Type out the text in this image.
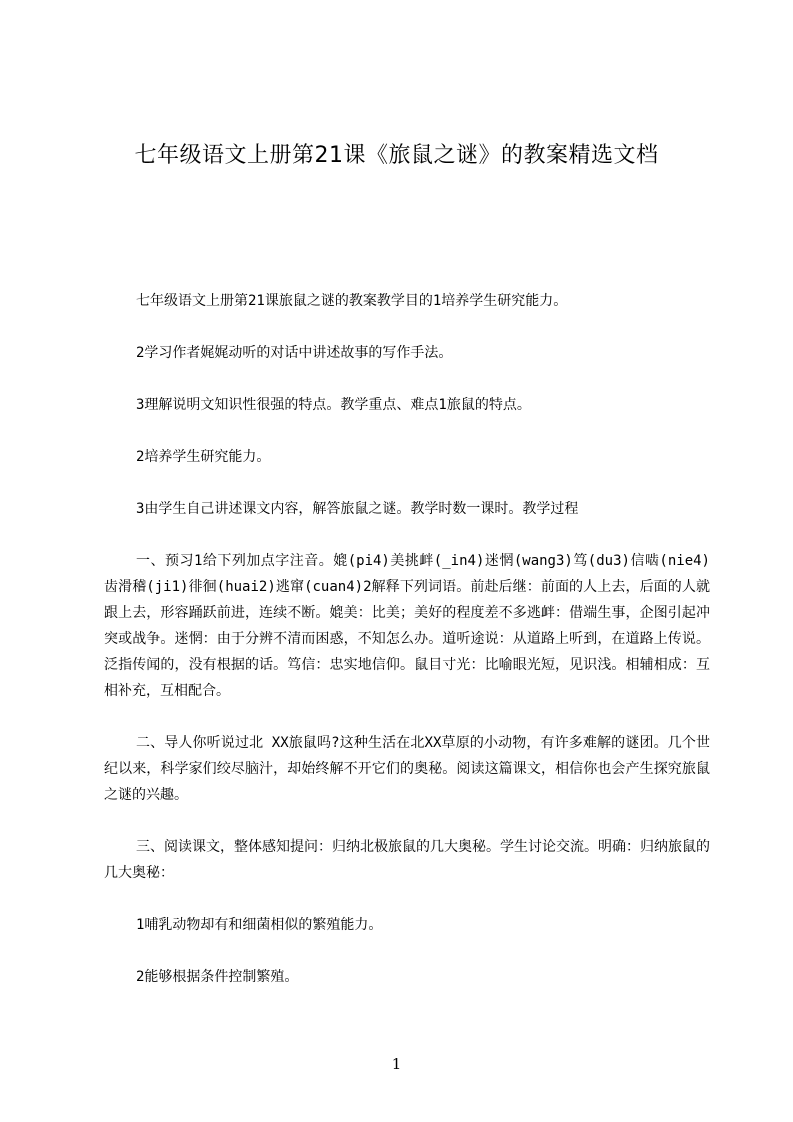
七年级语文上册第21课《旅鼠之谜》的教案精选文档

七年级语文上册第21课旅鼠之谜的教案教学目的1培养学生研究能力。

2学习作者娓娓动听的对话中讲述故事的写作手法。

3理解说明文知识性很强的特点。教学重点、难点1旅鼠的特点。

2培养学生研究能力。

3由学生自己讲述课文内容，解答旅鼠之谜。教学时数一课时。教学过程

一、预习1给下列加点字注音。媲(pi4)美挑衅(_in4)迷惘(wang3)笃(du3)信啮(nie4)齿滑稽(ji1)徘徊(huai2)逃窜(cuan4)2解释下列词语。前赴后继：前面的人上去，后面的人就跟上去，形容踊跃前进，连续不断。媲美：比美；美好的程度差不多逃衅：借端生事，企图引起冲突或战争。迷惘：由于分辨不清而困惑，不知怎么办。道听途说：从道路上听到，在道路上传说。泛指传闻的，没有根据的话。笃信：忠实地信仰。鼠目寸光：比喻眼光短，见识浅。相辅相成：互相补充，互相配合。

二、导人你听说过北 XX旅鼠吗?这种生活在北XX草原的小动物，有许多难解的谜团。几个世纪以来，科学家们绞尽脑汁，却始终解不开它们的奥秘。阅读这篇课文，相信你也会产生探究旅鼠之谜的兴趣。

三、阅读课文，整体感知提问：归纳北极旅鼠的几大奥秘。学生讨论交流。明确：归纳旅鼠的几大奥秘：

1哺乳动物却有和细菌相似的繁殖能力。

2能够根据条件控制繁殖。

1
